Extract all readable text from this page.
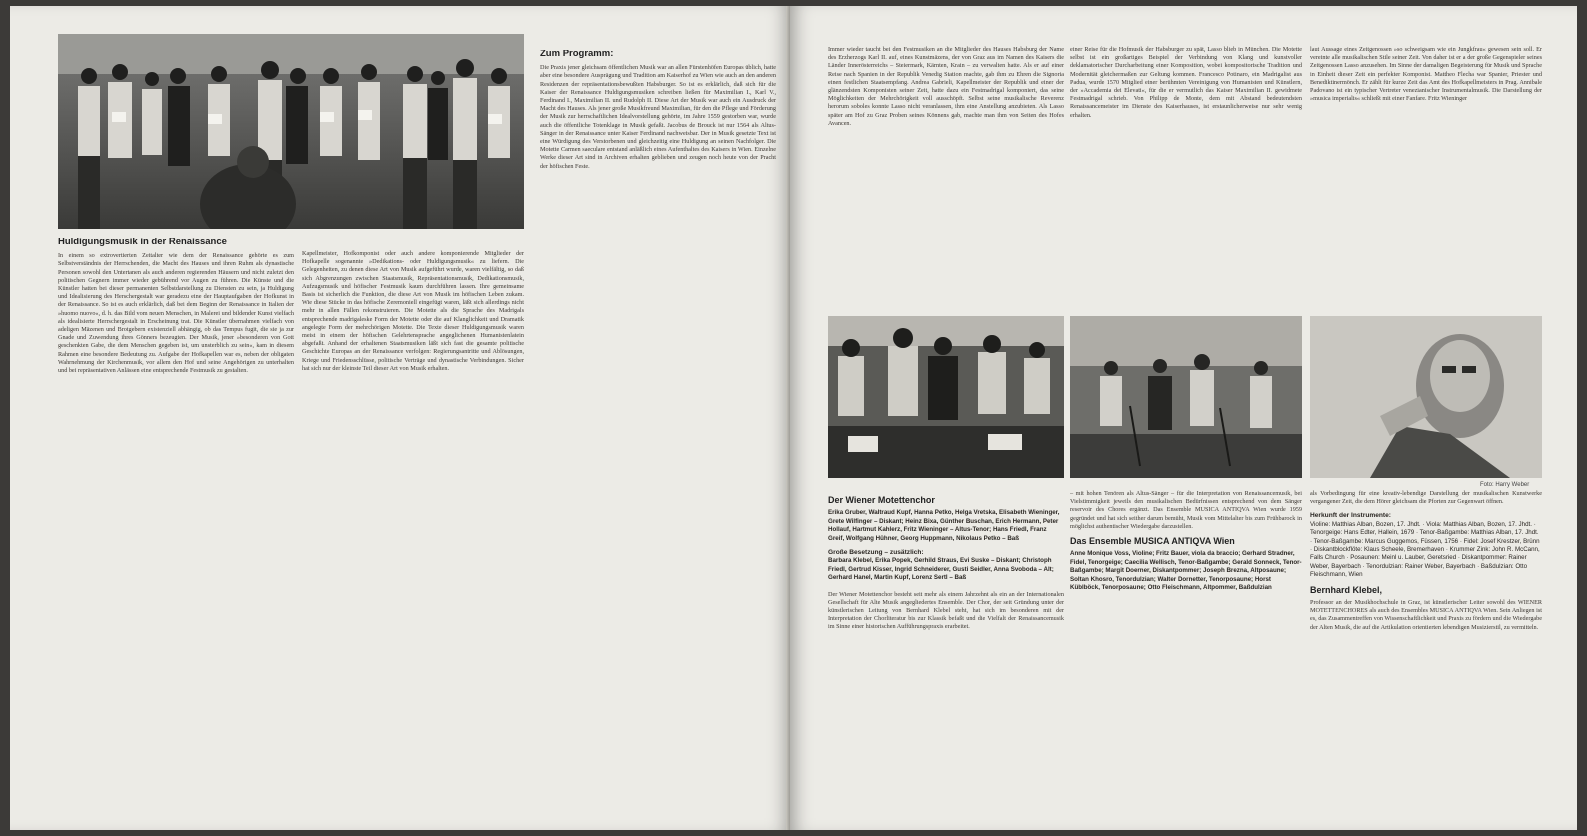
Huldigungsmusik in der Renaissance

In einem so extrovertierten Zeitalter wie dem der Renaissance gehörte es zum Selbstverständnis der Herrschenden, die Macht des Hauses und ihren Ruhm als dynastische Personen sowohl den Untertanen als auch anderen regierenden Häusern und nicht zuletzt den politischen Gegnern immer wieder gebührend vor Augen zu führen. Die Künste und die Künstler hatten bei dieser permanenten Selbstdarstellung zu Diensten zu sein, ja Huldigung und Idealisierung des Herschergestalt war geradezu eine der Hauptaufgaben der Hofkunst in der Renaissance. So ist es auch erklärlich, daß bei dem Beginn der Renaissance in Italien der »huomo nuovo«, d. h. das Bild vom neuen Menschen, in Malerei und bildender Kunst vielfach als idealisierte Herrschergestalt in Erscheinung trat. Die Künstler übernahmen vielfach von adeligen Mäzenen und Brotgebern existenziell abhängig, ob das Tempus fugit, die sie ja zur Gnade und Zuwendung ihres Gönners bezeugten. Der Musik, jener »besonderen von Gott geschenkten Gabe, die dem Menschen gegeben ist, um unsterblich zu sein«, kam in diesem Rahmen eine besondere Bedeutung zu. Aufgabe der Hofkapellen war es, neben der obligaten Wahrnehmung der Kirchenmusik, vor allem den Hof und seine Angehörigen zu unterhalten und bei repräsentativen Anlässen eine entsprechende Festmusik zu gestalten.

Kapellmeister, Hofkomponist oder auch andere komponierende Mitglieder der Hofkapelle sogenannte »Dedikations- oder Huldigungsmusik« zu liefern. Die Gelegenheiten, zu denen diese Art von Musik aufgeführt wurde, waren vielfältig, so daß sich Abgrenzungen zwischen Staatsmusik, Repräsentationsmusik, Dedikationsmusik, Aufzugsmusik und höfischer Festmusik kaum durchführen lassen. Ihre gemeinsame Basis ist sicherlich die Funktion, die diese Art von Musik im höfischen Leben zukam. Wie diese Stücke in das höfische Zeremoniell eingefügt waren, läßt sich allerdings nicht mehr in allen Fällen rekonstruieren. Die Motette als die Sprache des Madrigals entsprechende madrigaleske Form der Motette oder die auf Klanglichkeit und Dramatik angelegte Form der mehrchörigen Motette. Die Texte dieser Huldigungsmusik waren meist in einem der höfischen Gelehrtensprache angeglichenen Humanistenlatein abgefaßt. Anhand der erhaltenen Staatsmusiken läßt sich fast die gesamte politische Geschichte Europas an der Renaissance verfolgen: Regierungsantritte und Ablösungen, Kriege und Friedensschlüsse, politische Verträge und dynastische Verbindungen. Sicher hat sich nur der kleinste Teil dieser Art von Musik erhalten.

Zum Programm:

Die Praxis jener gleichsam öffentlichen Musik war an allen Fürstenhöfen Europas üblich, hatte aber eine besondere Ausprägung und Tradition am Kaiserhof zu Wien wie auch an den anderen Residenzen der repräsentationsbewußten Habsburger. So ist es erklärlich, daß sich für die Kaiser der Renaissance Huldigungsmusiken schreiben ließen für Maximilian I., Karl V., Ferdinand I., Maximilian II. und Rudolph II. Diese Art der Musik war auch ein Ausdruck der Macht des Hauses. Als jener große Musikfreund Maximilian, für den die Pflege und Förderung der Musik zur herrschaftlichen Idealvorstellung gehörte, im Jahre 1559 gestorben war, wurde auch die öffentliche Totenklage in Musik gefaßt. Jacobus de Brouck ist nur 1564 als Altus-Sänger in der Renaissance unter Kaiser Ferdinand nachweisbar. Der in Musik gesetzte Text ist eine Würdigung des Verstorbenen und gleichzeitig eine Huldigung an seinen Nachfolger. Die Motette Carmen saeculare entstand anläßlich eines Aufenthaltes des Kaisers in Wien. Einzelne Werke dieser Art sind in Archiven erhalten geblieben und zeugen noch heute von der Pracht der höfischen Feste.

Immer wieder taucht bei den Festmusiken an die Mitglieder des Hauses Habsburg der Name des Erzherzogs Karl II. auf, eines Kunstmäzens, der von Graz aus im Namen des Kaisers die Länder Innerösterreichs – Steiermark, Kärnten, Krain – zu verwalten hatte. Als er auf einer Reise nach Spanien in der Republik Venedig Station machte, gab ihm zu Ehren die Signoria einen festlichen Staatsempfang. Andrea Gabrieli, Kapellmeister der Republik und einer der glänzendsten Komponisten seiner Zeit, hatte dazu ein Festmadrigal komponiert, das seine Möglichkeiten der Mehrchörigkeit voll ausschöpft. Selbst seine musikalische Reverenz herorum soboles konnte Lasso nicht veranlassen, ihm eine Anstellung anzubieten. Als Lasso später am Hof zu Graz Proben seines Könnens gab, machte man ihm von Seiten des Hofes Avancen.

einer Reise für die Hofmusik der Habsburger zu spät, Lasso blieb in München. Die Motette selbst ist ein großartiges Beispiel der Verbindung von Klang und kunstvoller deklamatorischer Durcharbeitung einer Komposition, wobei kompositorische Tradition und Modernität gleichermaßen zur Geltung kommen. Francesco Potinaro, ein Madrigalist aus Padua, wurde 1570 Mitglied einer berühmten Vereinigung von Humanisten und Künstlern, der »Accademia dei Elevati«, für die er vermutlich das Kaiser Maximilian II. gewidmete Festmadrigal schrieb. Von Philipp de Monte, dem mit Abstand bedeutendsten Renaissancemeister im Dienste des Kaiserhauses, ist erstaunlicherweise nur sehr wenig erhalten.

laut Aussage eines Zeitgenossen »so schweigsam wie ein Jungkfrau« gewesen sein soll. Er vereinte alle musikalischen Stile seiner Zeit. Von daher ist er a der große Gegenspieler seines Zeitgenossen Lasso anzusehen. Im Sinne der damaligen Begeisterung für Musik und Sprache in Einheit dieser Zeit ein perfekter Komponist. Mattheo Flecha war Spanier, Priester und Benediktinermönch. Er zählt für kurze Zeit das Amt des Hofkapellmeisters in Prag. Annibale Padovano ist ein typischer Vertreter venezianischer Instrumentalmusik. Die Darstellung der »musica imperialis« schließt mit einer Fanfare. Fritz Wieninger

Foto: Harry Weber
Der Wiener Motettenchor
Erika Gruber, Waltraud Kupf, Hanna Petko, Helga Vretska, Elisabeth Wieninger, Grete Wilfinger – Diskant; Heinz Bixa, Günther Buschan, Erich Hermann, Peter Hollauf, Hartmut Kahlerz, Fritz Wieninger – Altus-Tenor; Hans Friedl, Franz Greif, Wolfgang Hühner, Georg Huppmann, Nikolaus Petko – Baß
Große Besetzung – zusätzlich:
Barbara Klebel, Erika Popek, Gerhild Straus, Evi Suske – Diskant; Christoph Friedl, Gertrud Kisser, Ingrid Schneiderer, Gusti Seidler, Anna Svoboda – Alt; Gerhard Hanel, Martin Kupf, Lorenz Sertl – Baß
Der Wiener Motettenchor besteht seit mehr als einem Jahrzehnt als ein an der Internationalen Gesellschaft für Alte Musik angegliedertes Ensemble. Der Chor, der seit Gründung unter der künstlerischen Leitung von Bernhard Klebel steht, hat sich im besonderen mit der Interpretation der Chorliteratur bis zur Klassik befaßt und die Vielfalt der Renaissancemusik im Sinne einer historischen Aufführungspraxis erarbeitet.
– mit hohen Tenören als Altus-Sänger – für die Interpretation von Renaissancemusik, bei Vielstimmigkeit jeweils den musikalischen Bedürfnissen entsprechend von dem Sänger reservoir des Chores ergänzt. Das Ensemble MUSICA ANTIQVA Wien wurde 1959 gegründet und hat sich seither darum bemüht, Musik vom Mittelalter bis zum Frühbarock in möglichst authentischer Wiedergabe darzustellen.
Das Ensemble MUSICA ANTIQVA Wien
Anne Monique Voss, Violine; Fritz Bauer, viola da braccio; Gerhard Stradner, Fidel, Tenorgeige; Caecilia Wellisch, Tenor-Baßgambe; Gerald Sonneck, Tenor-Baßgambe; Margit Doerner, Diskantpommer; Joseph Brezna, Altposaune; Soltan Khosro, Tenordulzian; Walter Dornetter, Tenorposaune; Horst Küblböck, Tenorposaune; Otto Fleischmann, Altpommer, Baßdulzian
als Vorbedingung für eine kreativ-lebendige Darstellung der musikalischen Kunstwerke vergangener Zeit, die dem Hörer gleichsam die Pforten zur Gegenwart öffnen.
Herkunft der Instrumente:
Violine: Matthias Alban, Bozen, 17. Jhdt. · Viola: Matthias Alban, Bozen, 17. Jhdt. · Tenorgeige: Hans Edter, Hallein, 1679 · Tenor-Baßgambe: Matthias Alban, 17. Jhdt. · Tenor-Baßgambe: Marcus Guggemos, Füssen, 1756 · Fidel: Josef Krestzer, Brünn · Diskantblockflöte: Klaus Scheele, Bremerhaven · Krummer Zink: John R. McCann, Falls Church · Posaunen: Meinl u. Lauber, Geretsried · Diskantpommer: Rainer Weber, Bayerbach · Tenordulzian: Rainer Weber, Bayerbach · Baßdulzian: Otto Fleischmann, Wien
Bernhard Klebel,
Professor an der Musikhochschule in Graz, ist künstlerischer Leiter sowohl des WIENER MOTETTENCHORES als auch des Ensembles MUSICA ANTIQVA Wien. Sein Anliegen ist es, das Zusammentreffen von Wissenschaftlichkeit und Praxis zu fördern und die Wiedergabe der Alten Musik, die auf die Artikulation orientierten lebendigen Musizierstil, zu vermitteln.
